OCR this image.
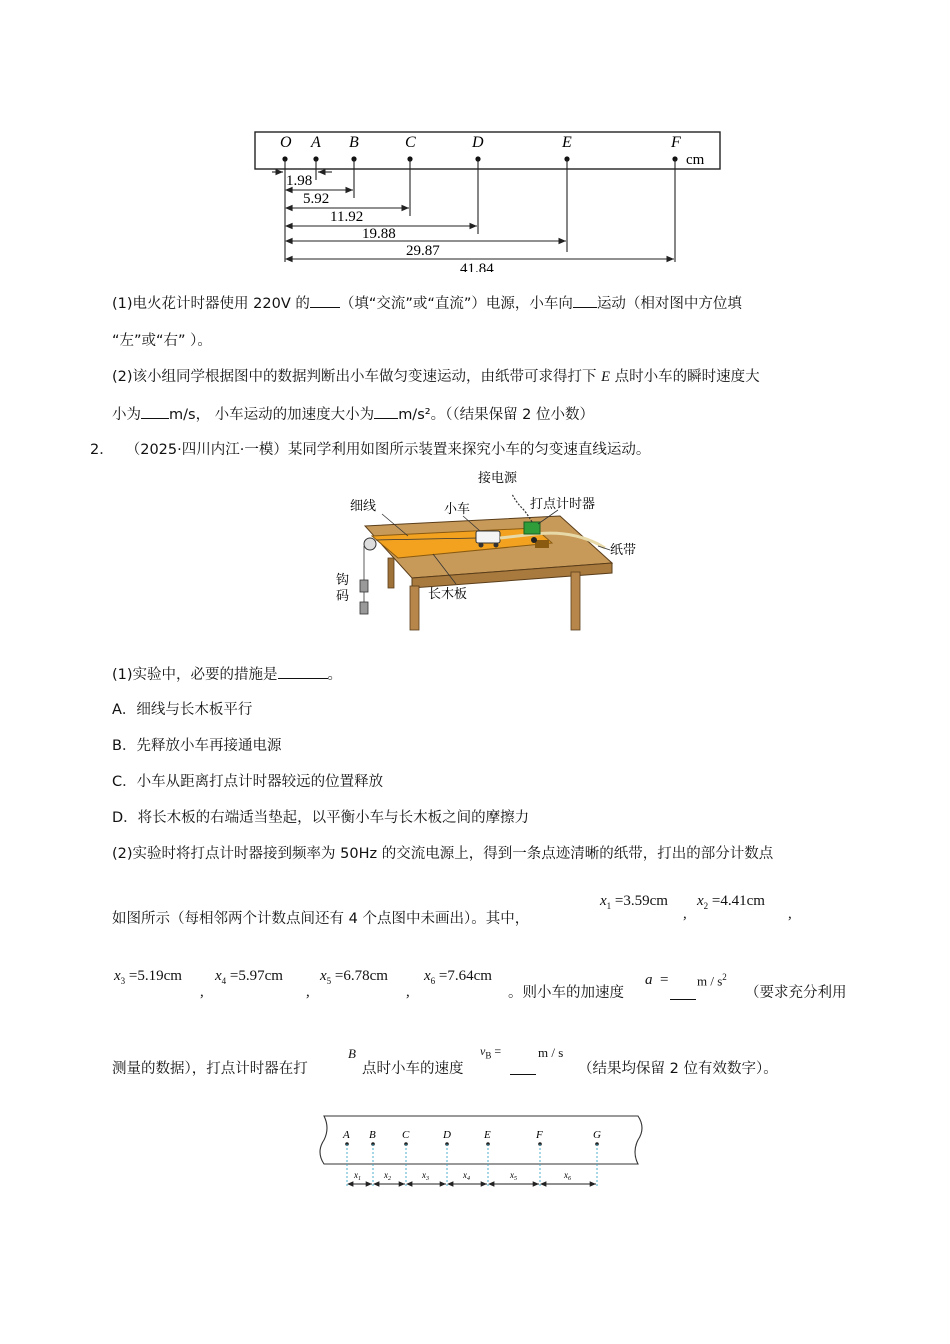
O A B	C	D	E	F
cm
1.98
5.92
11.92
19.88
29.87
41.84
(1)电火花计时器使用 220V 的 （填“交流”或“直流”）电源，小车向 运动（相对图中方位填
“左”或“右” ）。
(2)该小组同学根据图中的数据判断出小车做匀变速运动，由纸带可求得打下 E 点时小车的瞬时速度大
小为 m/s， 小车运动的加速度大小为 m/s²。（（结果保留 2 位小数）
2． （2025·四川内江·一模）某同学利用如图所示装置来探究小车的匀变速直线运动。
接电源
细线	小车	打点计时器
纸带
钩
码	长木板
(1)实验中，必要的措施是	。
A．细线与长木板平行
B．先释放小车再接通电源
C．小车从距离打点计时器较远的位置释放
D．将长木板的右端适当垫起，以平衡小车与长木板之间的摩擦力
(2)实验时将打点计时器接到频率为 50Hz 的交流电源上，得到一条点迹清晰的纸带，打出的部分计数点
如图所示（每相邻两个计数点间还有 4 个点图中未画出）。其中，
$x_1 =3.59cm$
,
$x_2 =4.41cm$
,
$x_3 =5.19cm$
,
$x_4 =5.97cm$
,
$x_5 =6.78cm$
,
$x_6 =7.64cm$
。则小车的加速度
$a = m / s^2$
（要求充分利用
测量的数据），打点计时器在打
B
点时小车的速度
$v_B$ =	m / s
（结果均保留 2 位有效数字）。
A B C	D	E	F	G
$x_1$	$x_2$	$x_3$	$x_4$	$x_5$	$x_6$
